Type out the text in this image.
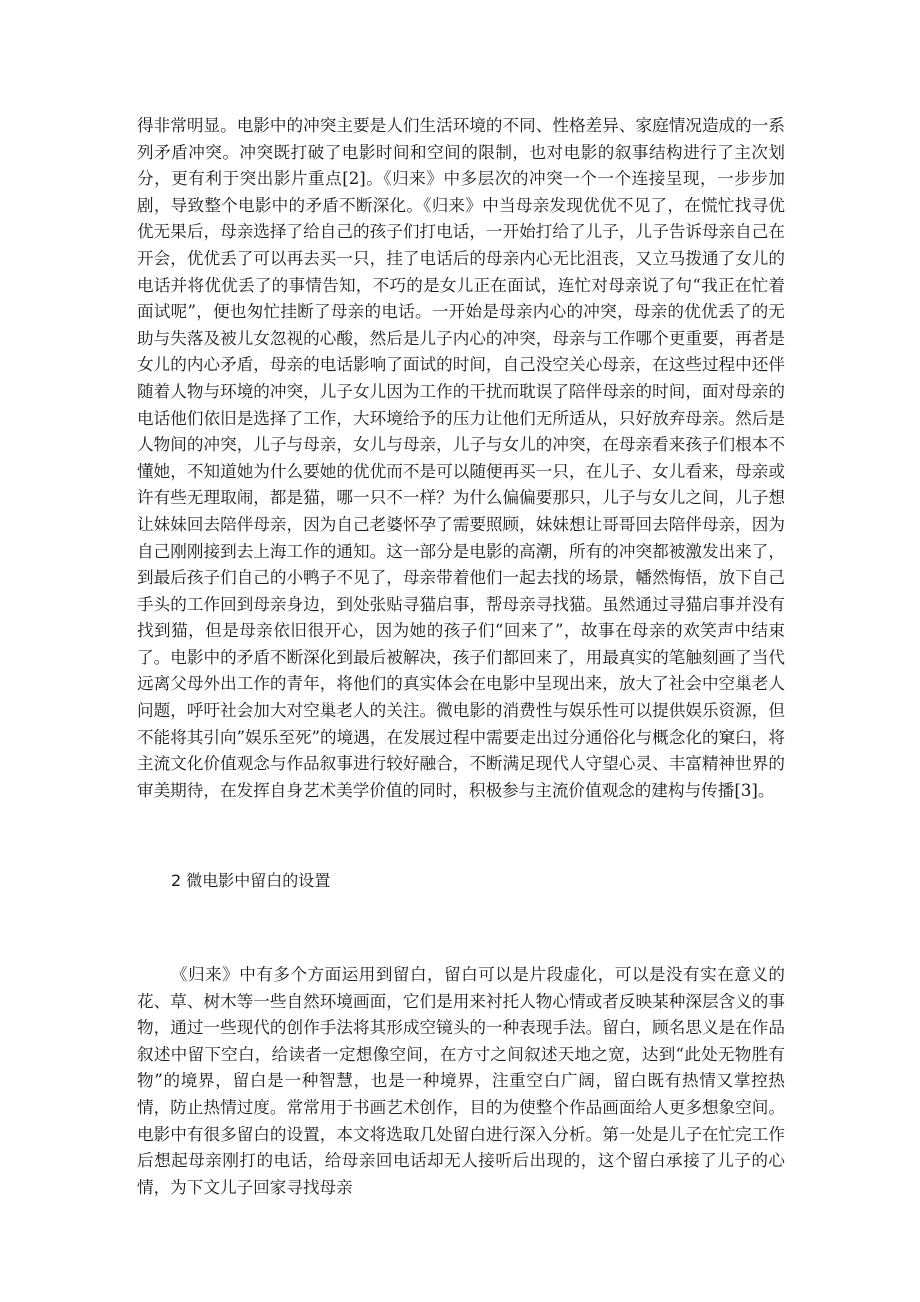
得非常明显。电影中的冲突主要是人们生活环境的不同、性格差异、家庭情况造成的一系列矛盾冲突。冲突既打破了电影时间和空间的限制，也对电影的叙事结构进行了主次划分，更有利于突出影片重点[2]。《归来》中多层次的冲突一个一个连接呈现，一步步加剧，导致整个电影中的矛盾不断深化。《归来》中当母亲发现优优不见了，在慌忙找寻优优无果后，母亲选择了给自己的孩子们打电话，一开始打给了儿子，儿子告诉母亲自己在开会，优优丢了可以再去买一只，挂了电话后的母亲内心无比沮丧，又立马拨通了女儿的电话并将优优丢了的事情告知，不巧的是女儿正在面试，连忙对母亲说了句“我正在忙着面试呢”，便也匆忙挂断了母亲的电话。一开始是母亲内心的冲突，母亲的优优丢了的无助与失落及被儿女忽视的心酸，然后是儿子内心的冲突，母亲与工作哪个更重要，再者是女儿的内心矛盾，母亲的电话影响了面试的时间，自己没空关心母亲，在这些过程中还伴随着人物与环境的冲突，儿子女儿因为工作的干扰而耽误了陪伴母亲的时间，面对母亲的电话他们依旧是选择了工作，大环境给予的压力让他们无所适从，只好放弃母亲。然后是人物间的冲突，儿子与母亲，女儿与母亲，儿子与女儿的冲突，在母亲看来孩子们根本不懂她，不知道她为什么要她的优优而不是可以随便再买一只，在儿子、女儿看来，母亲或许有些无理取闹，都是猫，哪一只不一样？为什么偏偏要那只，儿子与女儿之间，儿子想让妹妹回去陪伴母亲，因为自己老婆怀孕了需要照顾，妹妹想让哥哥回去陪伴母亲，因为自己刚刚接到去上海工作的通知。这一部分是电影的高潮，所有的冲突都被激发出来了，到最后孩子们自己的小鸭子不见了，母亲带着他们一起去找的场景，幡然悔悟，放下自己手头的工作回到母亲身边，到处张贴寻猫启事，帮母亲寻找猫。虽然通过寻猫启事并没有找到猫，但是母亲依旧很开心，因为她的孩子们“回来了”，故事在母亲的欢笑声中结束了。电影中的矛盾不断深化到最后被解决，孩子们都回来了，用最真实的笔触刻画了当代远离父母外出工作的青年，将他们的真实体会在电影中呈现出来，放大了社会中空巢老人问题，呼吁社会加大对空巢老人的关注。微电影的消费性与娱乐性可以提供娱乐资源，但不能将其引向”娱乐至死”的境遇，在发展过程中需要走出过分通俗化与概念化的窠臼，将主流文化价值观念与作品叙事进行较好融合，不断满足现代人守望心灵、丰富精神世界的审美期待，在发挥自身艺术美学价值的同时，积极参与主流价值观念的建构与传播[3]。

2 微电影中留白的设置

《归来》中有多个方面运用到留白，留白可以是片段虚化，可以是没有实在意义的花、草、树木等一些自然环境画面，它们是用来衬托人物心情或者反映某种深层含义的事物，通过一些现代的创作手法将其形成空镜头的一种表现手法。留白，顾名思义是在作品叙述中留下空白，给读者一定想像空间，在方寸之间叙述天地之宽，达到“此处无物胜有物”的境界，留白是一种智慧，也是一种境界，注重空白广阔，留白既有热情又掌控热情，防止热情过度。常常用于书画艺术创作，目的为使整个作品画面给人更多想象空间。电影中有很多留白的设置，本文将选取几处留白进行深入分析。第一处是儿子在忙完工作后想起母亲刚打的电话，给母亲回电话却无人接听后出现的，这个留白承接了儿子的心情，为下文儿子回家寻找母亲
